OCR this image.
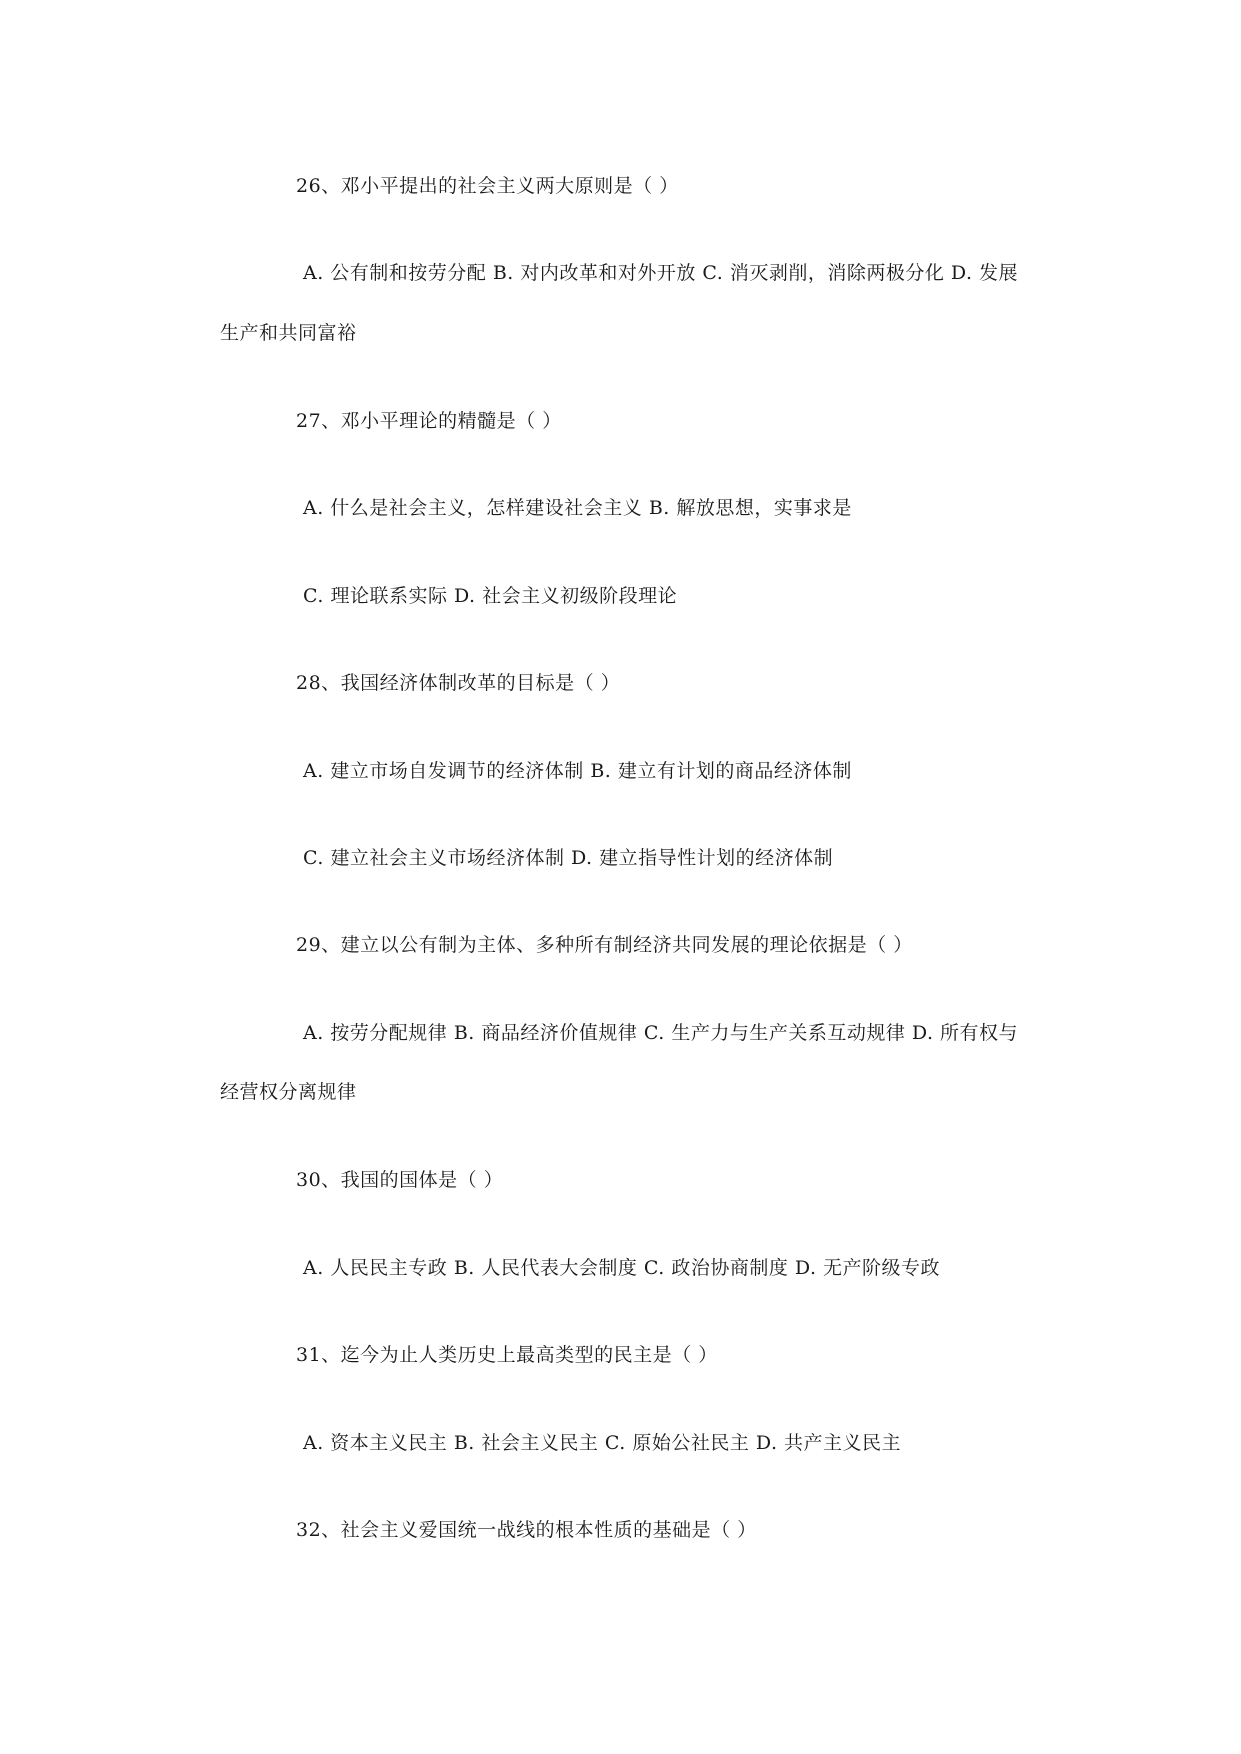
26、邓小平提出的社会主义两大原则是（ ）
A. 公有制和按劳分配 B. 对内改革和对外开放 C. 消灭剥削，消除两极分化 D. 发展
生产和共同富裕
27、邓小平理论的精髓是（ ）
A. 什么是社会主义，怎样建设社会主义 B. 解放思想，实事求是
C. 理论联系实际 D. 社会主义初级阶段理论
28、我国经济体制改革的目标是（ ）
A. 建立市场自发调节的经济体制 B. 建立有计划的商品经济体制
C. 建立社会主义市场经济体制 D. 建立指导性计划的经济体制
29、建立以公有制为主体、多种所有制经济共同发展的理论依据是（ ）
A. 按劳分配规律 B. 商品经济价值规律 C. 生产力与生产关系互动规律 D. 所有权与
经营权分离规律
30、我国的国体是（ ）
A. 人民民主专政 B. 人民代表大会制度 C. 政治协商制度 D. 无产阶级专政
31、迄今为止人类历史上最高类型的民主是（ ）
A. 资本主义民主 B. 社会主义民主 C. 原始公社民主 D. 共产主义民主
32、社会主义爱国统一战线的根本性质的基础是（ ）
